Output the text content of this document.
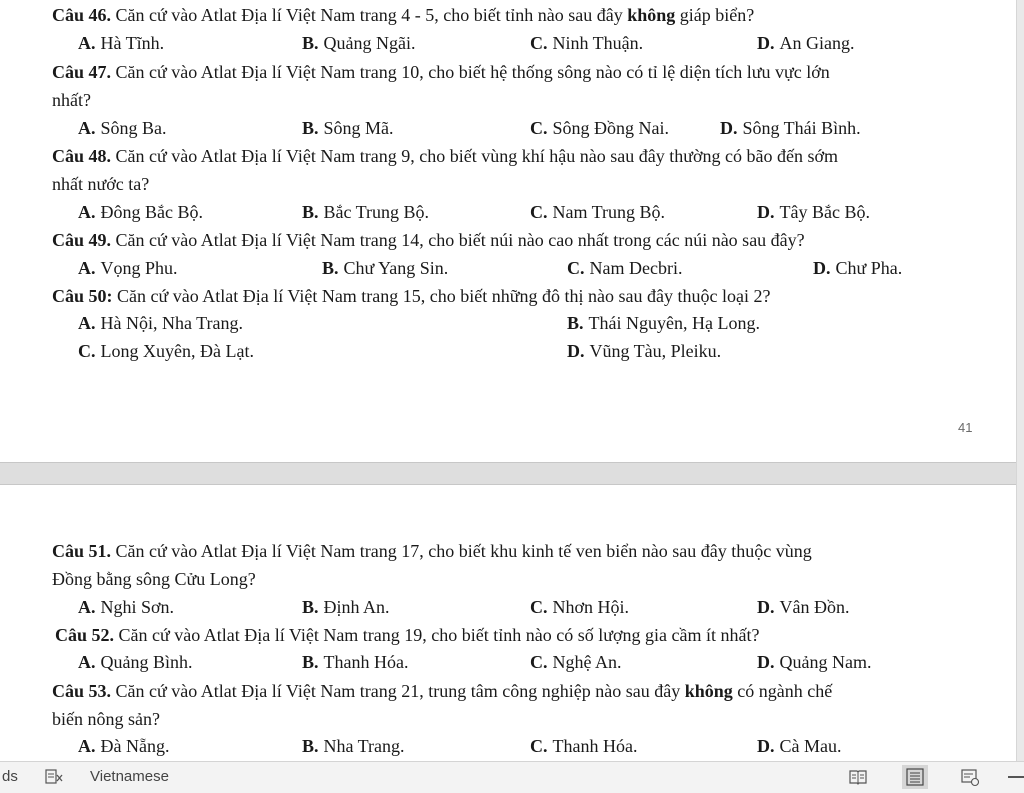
Câu 46. Căn cứ vào Atlat Địa lí Việt Nam trang 4 - 5, cho biết tỉnh nào sau đây không giáp biển?
A. Hà Tĩnh.	B. Quảng Ngãi.	C. Ninh Thuận.	D. An Giang.
Câu 47. Căn cứ vào Atlat Địa lí Việt Nam trang 10, cho biết hệ thống sông nào có tỉ lệ diện tích lưu vực lớn
nhất?
A. Sông Ba.	B. Sông Mã.	C. Sông Đồng Nai.	D. Sông Thái Bình.
Câu 48. Căn cứ vào Atlat Địa lí Việt Nam trang 9, cho biết vùng khí hậu nào sau đây thường có bão đến sớm
nhất nước ta?
A. Đông Bắc Bộ.	B. Bắc Trung Bộ.	C. Nam Trung Bộ.	D. Tây Bắc Bộ.
Câu 49. Căn cứ vào Atlat Địa lí Việt Nam trang 14, cho biết núi nào cao nhất trong các núi nào sau đây?
A. Vọng Phu.	B. Chư Yang Sin.	C. Nam Decbri.	D. Chư Pha.
Câu 50: Căn cứ vào Atlat Địa lí Việt Nam trang 15, cho biết những đô thị nào sau đây thuộc loại 2?
A. Hà Nội, Nha Trang.	B. Thái Nguyên, Hạ Long.
C. Long Xuyên, Đà Lạt.	D. Vũng Tàu, Pleiku.
41
Câu 51. Căn cứ vào Atlat Địa lí Việt Nam trang 17, cho biết khu kinh tế ven biển nào sau đây thuộc vùng
Đồng bằng sông Cửu Long?
A. Nghi Sơn.	B. Định An.	C. Nhơn Hội.	D. Vân Đồn.
Câu 52. Căn cứ vào Atlat Địa lí Việt Nam trang 19, cho biết tỉnh nào có số lượng gia cầm ít nhất?
A. Quảng Bình.	B. Thanh Hóa.	C. Nghệ An.	D. Quảng Nam.
Câu 53. Căn cứ vào Atlat Địa lí Việt Nam trang 21, trung tâm công nghiệp nào sau đây không có ngành chế
biến nông sản?
A. Đà Nẵng.	B. Nha Trang.	C. Thanh Hóa.	D. Cà Mau.
ds	Vietnamese
